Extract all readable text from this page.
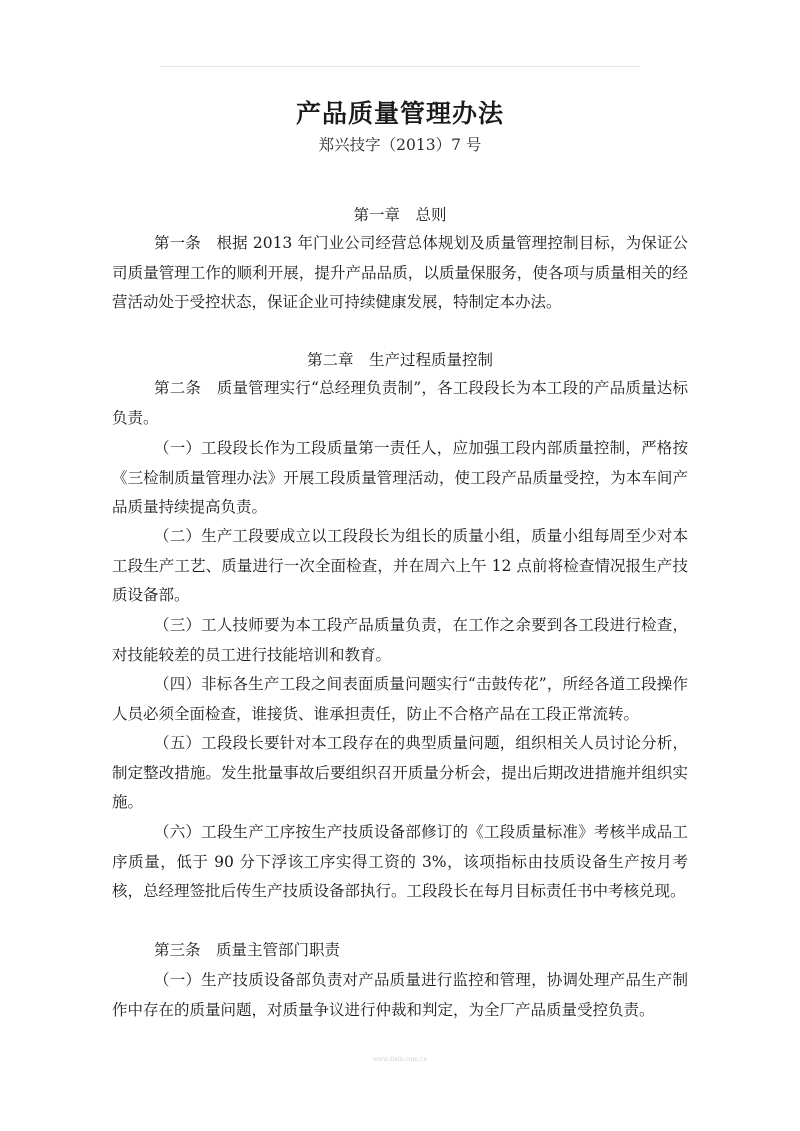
产品质量管理办法
郑兴技字（2013）7 号
第一章　总则
第一条　根据 2013 年门业公司经营总体规划及质量管理控制目标，为保证公司质量管理工作的顺利开展，提升产品品质，以质量保服务，使各项与质量相关的经营活动处于受控状态，保证企业可持续健康发展，特制定本办法。
第二章　生产过程质量控制
第二条　质量管理实行“总经理负责制”，各工段段长为本工段的产品质量达标负责。
（一）工段段长作为工段质量第一责任人，应加强工段内部质量控制，严格按《三检制质量管理办法》开展工段质量管理活动，使工段产品质量受控，为本车间产品质量持续提高负责。
（二）生产工段要成立以工段段长为组长的质量小组，质量小组每周至少对本工段生产工艺、质量进行一次全面检查，并在周六上午 12 点前将检查情况报生产技质设备部。
（三）工人技师要为本工段产品质量负责，在工作之余要到各工段进行检查，对技能较差的员工进行技能培训和教育。
（四）非标各生产工段之间表面质量问题实行“击鼓传花”，所经各道工段操作人员必须全面检查，谁接货、谁承担责任，防止不合格产品在工段正常流转。
（五）工段段长要针对本工段存在的典型质量问题，组织相关人员讨论分析，制定整改措施。发生批量事故后要组织召开质量分析会，提出后期改进措施并组织实施。
（六）工段生产工序按生产技质设备部修订的《工段质量标准》考核半成品工序质量，低于 90 分下浮该工序实得工资的 3%，该项指标由技质设备生产按月考核，总经理签批后传生产技质设备部执行。工段段长在每月目标责任书中考核兑现。
第三条　质量主管部门职责
（一）生产技质设备部负责对产品质量进行监控和管理，协调处理产品生产制作中存在的质量问题，对质量争议进行仲裁和判定，为全厂产品质量受控负责。
www.zixin.com.cn
